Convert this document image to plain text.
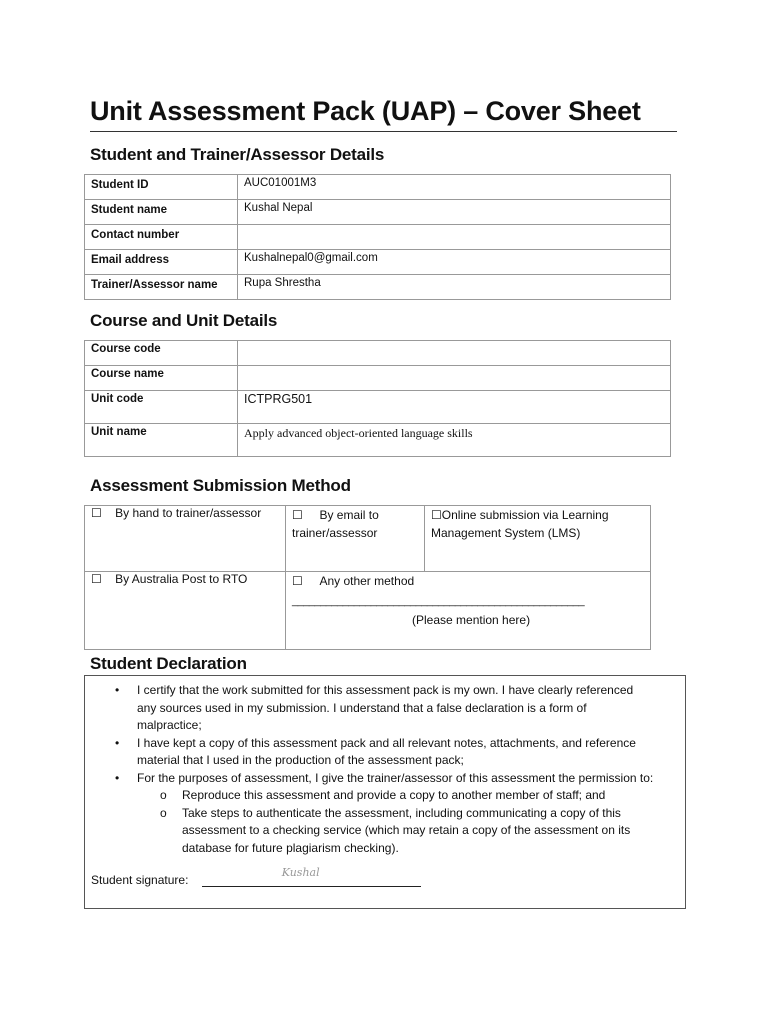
Unit Assessment Pack (UAP) – Cover Sheet
Student and Trainer/Assessor Details
Student ID	AUC01001M3
Student name	Kushal Nepal
Contact number	
Email address	Kushalnepal0@gmail.com
Trainer/Assessor name	Rupa Shrestha
Course and Unit Details
Course code	
Course name	
Unit code	ICTPRG501
Unit name	Apply advanced object-oriented language skills
Assessment Submission Method
☐ By hand to trainer/assessor	☐ By email to
trainer/assessor	☐Online submission via Learning
Management System (LMS)
☐ By Australia Post to RTO	☐ Any other method
____________________________________________________
(Please mention here)	
Student Declaration
• I certify that the work submitted for this assessment pack is my own. I have clearly referenced
any sources used in my submission. I understand that a false declaration is a form of
malpractice;
• I have kept a copy of this assessment pack and all relevant notes, attachments, and reference
material that I used in the production of the assessment pack;
• For the purposes of assessment, I give the trainer/assessor of this assessment the permission to:
o Reproduce this assessment and provide a copy to another member of staff; and
o Take steps to authenticate the assessment, including communicating a copy of this
assessment to a checking service (which may retain a copy of the assessment on its
database for future plagiarism checking).
Student signature:
Kushal
